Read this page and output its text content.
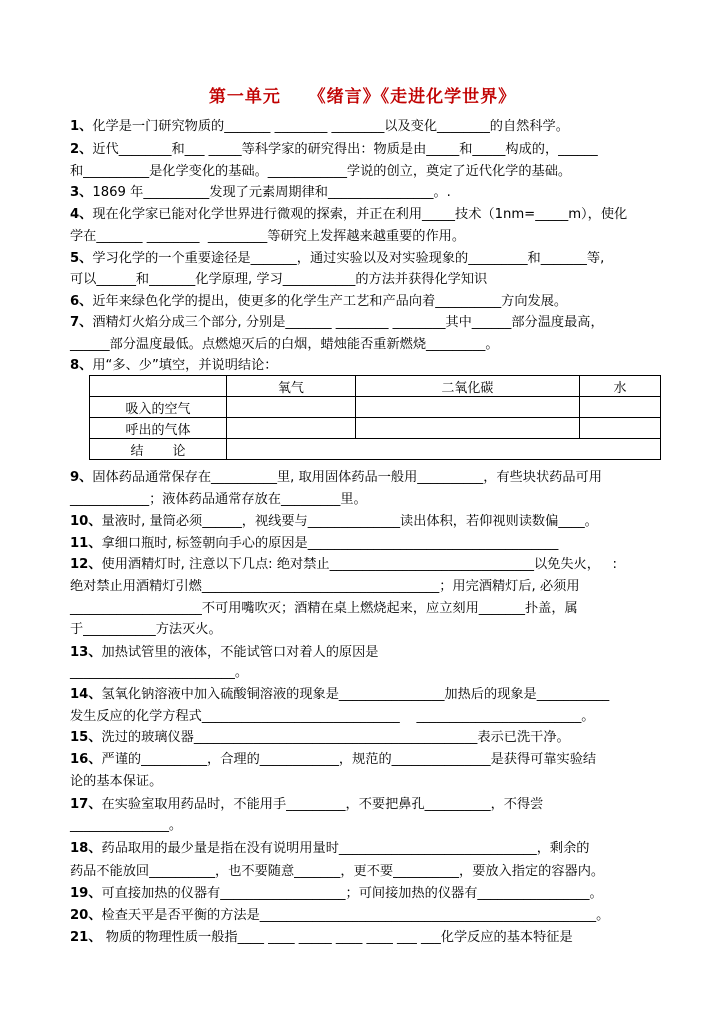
第一单元    《绪言》《走进化学世界》
1、化学是一门研究物质的_______ ________ ________以及变化________的自然科学。
2、近代________和___ _____等科学家的研究得出：物质是由_____和_____构成的，______
和__________是化学变化的基础。____________学说的创立，奠定了近代化学的基础。
3、1869 年__________发现了元素周期律和________________。.
4、现在化学家已能对化学世界进行微观的探索，并正在利用_____技术（1nm=_____m），使化
学在_______ ________  _________等研究上发挥越来越重要的作用。
5、学习化学的一个重要途径是_______，通过实验以及对实验现象的_________和_______等,
可以______和_______化学原理, 学习___________的方法并获得化学知识
6、近年来绿色化学的提出，使更多的化学生产工艺和产品向着__________方向发展。
7、酒精灯火焰分成三个部分, 分别是_______ ________ ________其中______部分温度最高，
______部分温度最低。点燃熄灭后的白烟，蜡烛能否重新燃烧_________。
8、用“多、少”填空，并说明结论：
9、固体药品通常保存在__________里, 取用固体药品一般用__________，有些块状药品可用
____________；液体药品通常存放在_________里。
10、量液时, 量筒必须______，视线要与______________读出体积，若仰视则读数偏____。
11、拿细口瓶时, 标签朝向手心的原因是______________________________________
12、使用酒精灯时, 注意以下几点: 绝对禁止_______________________________以免失火，   :
绝对禁止用酒精灯引燃____________________________________；用完酒精灯后, 必须用
____________________不可用嘴吹灭；酒精在桌上燃烧起来，应立刻用_______扑盖，属
于___________方法灭火。
13、加热试管里的液体，不能试管口对着人的原因是
_________________________。
14、氢氧化钠溶液中加入硫酸铜溶液的现象是________________加热后的现象是___________
发生反应的化学方程式______________________________    _________________________。
15、洗过的玻璃仪器___________________________________________表示已洗干净。
16、严谨的__________，合理的____________，规范的_______________是获得可靠实验结
论的基本保证。
17、在实验室取用药品时，不能用手_________，不要把鼻孔__________，不得尝
_______________。
18、药品取用的最少量是指在没有说明用量时______________________________，剩余的
药品不能放回__________，也不要随意_______，更不要__________，要放入指定的容器内。
19、可直接加热的仪器有___________________；可间接加热的仪器有_________________。
20、检查天平是否平衡的方法是___________________________________________________。
21、 物质的物理性质一般指____ ____ _____ ____ ____ ___ ___化学反应的基本特征是
	氧气	二氧化碳	水
吸入的空气			
呼出的气体			
结       论			
